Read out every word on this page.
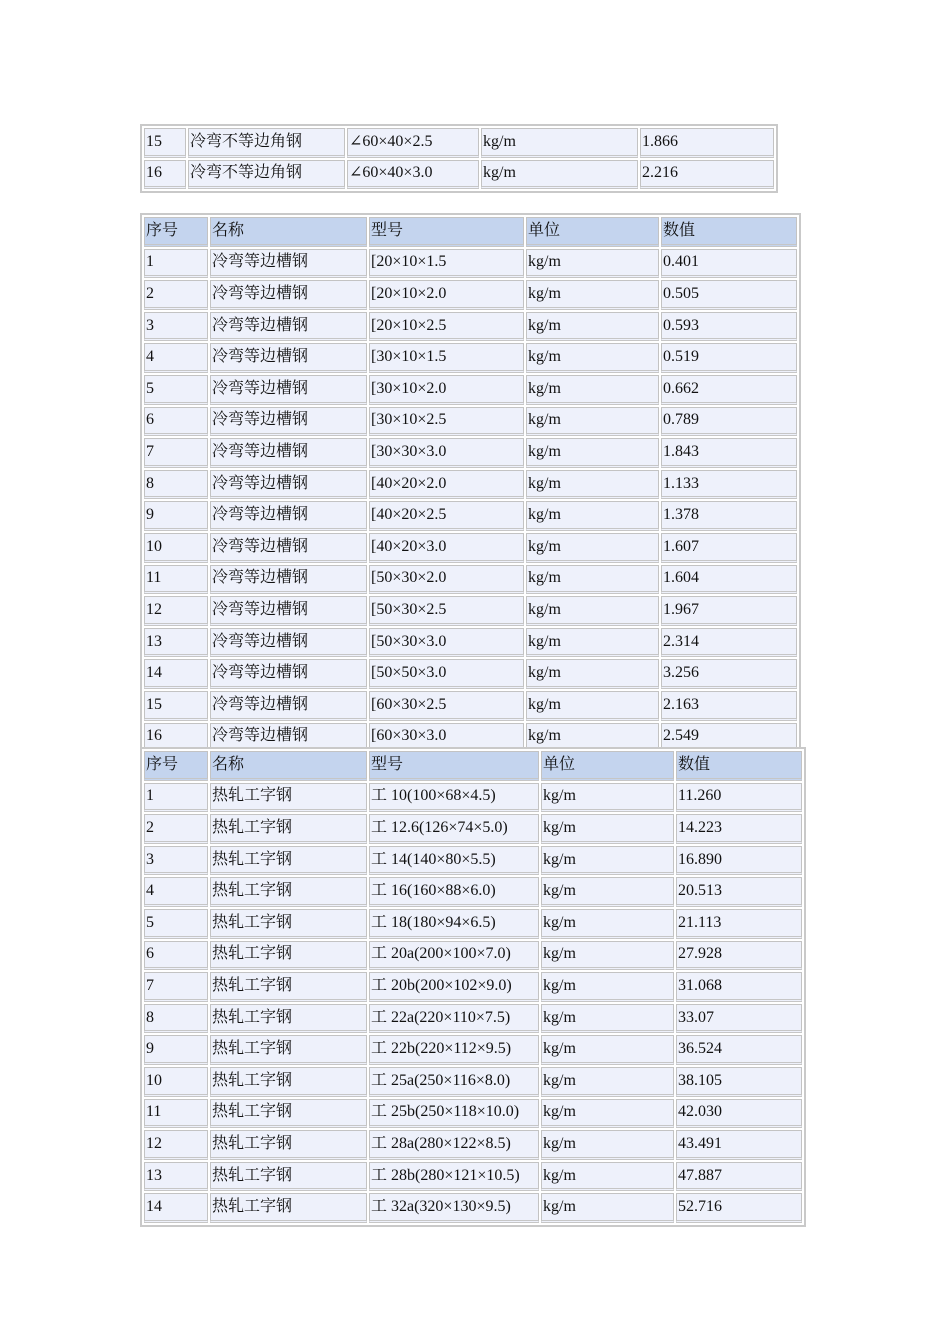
15	冷弯不等边角钢	∠60×40×2.5	kg/m	1.866
16	冷弯不等边角钢	∠60×40×3.0	kg/m	2.216
序号	名称	型号	单位	数值
1	冷弯等边槽钢	[20×10×1.5	kg/m	0.401
2	冷弯等边槽钢	[20×10×2.0	kg/m	0.505
3	冷弯等边槽钢	[20×10×2.5	kg/m	0.593
4	冷弯等边槽钢	[30×10×1.5	kg/m	0.519
5	冷弯等边槽钢	[30×10×2.0	kg/m	0.662
6	冷弯等边槽钢	[30×10×2.5	kg/m	0.789
7	冷弯等边槽钢	[30×30×3.0	kg/m	1.843
8	冷弯等边槽钢	[40×20×2.0	kg/m	1.133
9	冷弯等边槽钢	[40×20×2.5	kg/m	1.378
10	冷弯等边槽钢	[40×20×3.0	kg/m	1.607
11	冷弯等边槽钢	[50×30×2.0	kg/m	1.604
12	冷弯等边槽钢	[50×30×2.5	kg/m	1.967
13	冷弯等边槽钢	[50×30×3.0	kg/m	2.314
14	冷弯等边槽钢	[50×50×3.0	kg/m	3.256
15	冷弯等边槽钢	[60×30×2.5	kg/m	2.163
16	冷弯等边槽钢	[60×30×3.0	kg/m	2.549
序号	名称	型号	单位	数值
1	热轧工字钢	工 10(100×68×4.5)	kg/m	11.260
2	热轧工字钢	工 12.6(126×74×5.0)	kg/m	14.223
3	热轧工字钢	工 14(140×80×5.5)	kg/m	16.890
4	热轧工字钢	工 16(160×88×6.0)	kg/m	20.513
5	热轧工字钢	工 18(180×94×6.5)	kg/m	21.113
6	热轧工字钢	工 20a(200×100×7.0)	kg/m	27.928
7	热轧工字钢	工 20b(200×102×9.0)	kg/m	31.068
8	热轧工字钢	工 22a(220×110×7.5)	kg/m	33.07
9	热轧工字钢	工 22b(220×112×9.5)	kg/m	36.524
10	热轧工字钢	工 25a(250×116×8.0)	kg/m	38.105
11	热轧工字钢	工 25b(250×118×10.0)	kg/m	42.030
12	热轧工字钢	工 28a(280×122×8.5)	kg/m	43.491
13	热轧工字钢	工 28b(280×121×10.5)	kg/m	47.887
14	热轧工字钢	工 32a(320×130×9.5)	kg/m	52.716
